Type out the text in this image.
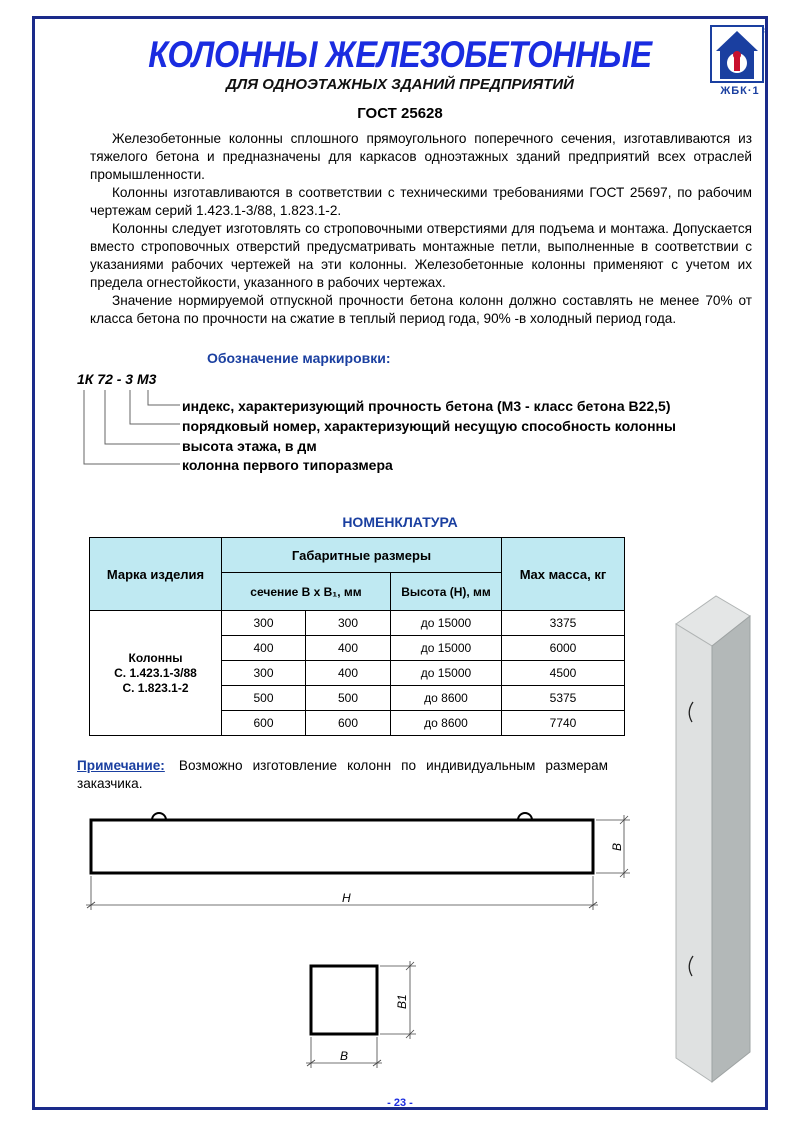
КОЛОННЫ ЖЕЛЕЗОБЕТОННЫЕ
ДЛЯ ОДНОЭТАЖНЫХ ЗДАНИЙ ПРЕДПРИЯТИЙ
ГОСТ 25628
©
ЖБК·1

Железобетонные колонны сплошного прямоугольного поперечного сечения, изготавливаются из тяжелого бетона и предназначены для каркасов одноэтажных зданий предприятий всех отраслей промышленности.

Колонны изготавливаются в соответствии с техническими требованиями ГОСТ 25697, по рабочим чертежам серий 1.423.1-3/88, 1.823.1-2.

Колонны следует изготовлять со строповочными отверстиями для подъема и монтажа. Допускается вместо строповочных отверстий предусматривать монтажные петли, выполненные в соответствии с указаниями рабочих чертежей на эти колонны. Железобетонные колонны применяют с учетом их предела огнестойкости, указанного в рабочих чертежах.

Значение нормируемой отпускной прочности бетона колонн должно составлять не менее 70% от класса бетона по прочности на сжатие в теплый период года, 90% -в холодный период года.

Обозначение маркировки:
1К 72 - 3 М3
индекс, характеризующий прочность бетона (М3 - класс бетона В22,5)
порядковый номер, характеризующий несущую способность колонны
высота этажа, в дм
колонна первого типоразмера
НОМЕНКЛАТУРА
Марка изделия	Габаритные размеры			Max масса, кг
	сечение В х В₁, мм		Высота (Н), мм	

Колонны
С. 1.423.1-3/88
С. 1.823.1-2	300	300	до 15000	3375
	400	400	до 15000	6000
	300	400	до 15000	4500
	500	500	до 8600	5375
	600	600	до 8600	7740
Примечание: Возможно изготовление колонн по индивидуальным размерам заказчика.
Н
В
В1
В
- 23 -
